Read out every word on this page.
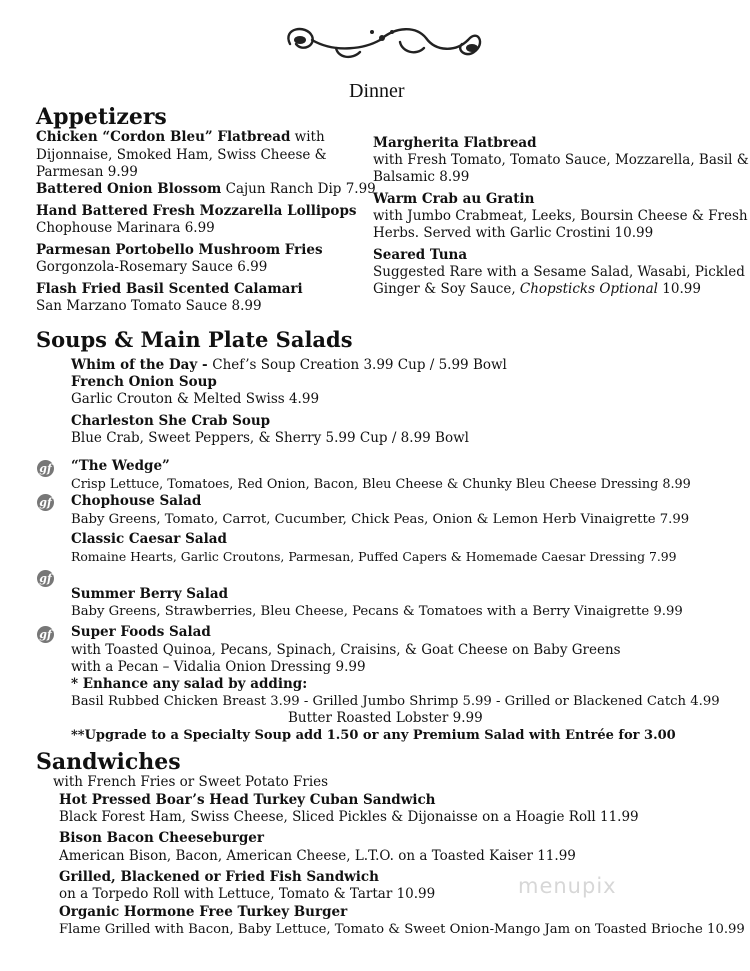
Dinner
Appetizers
Chicken “Cordon Bleu” Flatbread with
Dijonnaise, Smoked Ham, Swiss Cheese &
Parmesan 9.99
Battered Onion Blossom Cajun Ranch Dip 7.99
Hand Battered Fresh Mozzarella Lollipops
Chophouse Marinara 6.99
Parmesan Portobello Mushroom Fries
Gorgonzola-Rosemary Sauce 6.99
Flash Fried Basil Scented Calamari
San Marzano Tomato Sauce 8.99
Margherita Flatbread
with Fresh Tomato, Tomato Sauce, Mozzarella, Basil &
Balsamic 8.99
Warm Crab au Gratin
with Jumbo Crabmeat, Leeks, Boursin Cheese & Fresh
Herbs. Served with Garlic Crostini 10.99
Seared Tuna
Suggested Rare with a Sesame Salad, Wasabi, Pickled
Ginger & Soy Sauce, Chopsticks Optional 10.99
Soups & Main Plate Salads
Whim of the Day - Chef’s Soup Creation 3.99 Cup / 5.99 Bowl
French Onion Soup
Garlic Crouton & Melted Swiss 4.99
Charleston She Crab Soup
Blue Crab, Sweet Peppers, & Sherry 5.99 Cup / 8.99 Bowl
gf “The Wedge”
Crisp Lettuce, Tomatoes, Red Onion, Bacon, Bleu Cheese & Chunky Bleu Cheese Dressing 8.99
gf Chophouse Salad
Baby Greens, Tomato, Carrot, Cucumber, Chick Peas, Onion & Lemon Herb Vinaigrette 7.99
Classic Caesar Salad
Romaine Hearts, Garlic Croutons, Parmesan, Puffed Capers & Homemade Caesar Dressing 7.99
gf
Summer Berry Salad
Baby Greens, Strawberries, Bleu Cheese, Pecans & Tomatoes with a Berry Vinaigrette 9.99
gf Super Foods Salad
with Toasted Quinoa, Pecans, Spinach, Craisins, & Goat Cheese on Baby Greens
with a Pecan – Vidalia Onion Dressing 9.99
* Enhance any salad by adding:
Basil Rubbed Chicken Breast 3.99 - Grilled Jumbo Shrimp 5.99 - Grilled or Blackened Catch 4.99
Butter Roasted Lobster 9.99
**Upgrade to a Specialty Soup add 1.50 or any Premium Salad with Entrée for 3.00
Sandwiches
with French Fries or Sweet Potato Fries
Hot Pressed Boar’s Head Turkey Cuban Sandwich
Black Forest Ham, Swiss Cheese, Sliced Pickles & Dijonaisse on a Hoagie Roll 11.99
Bison Bacon Cheeseburger
American Bison, Bacon, American Cheese, L.T.O. on a Toasted Kaiser 11.99
Grilled, Blackened or Fried Fish Sandwich
on a Torpedo Roll with Lettuce, Tomato & Tartar 10.99
Organic Hormone Free Turkey Burger
Flame Grilled with Bacon, Baby Lettuce, Tomato & Sweet Onion-Mango Jam on Toasted Brioche 10.99
menupix
